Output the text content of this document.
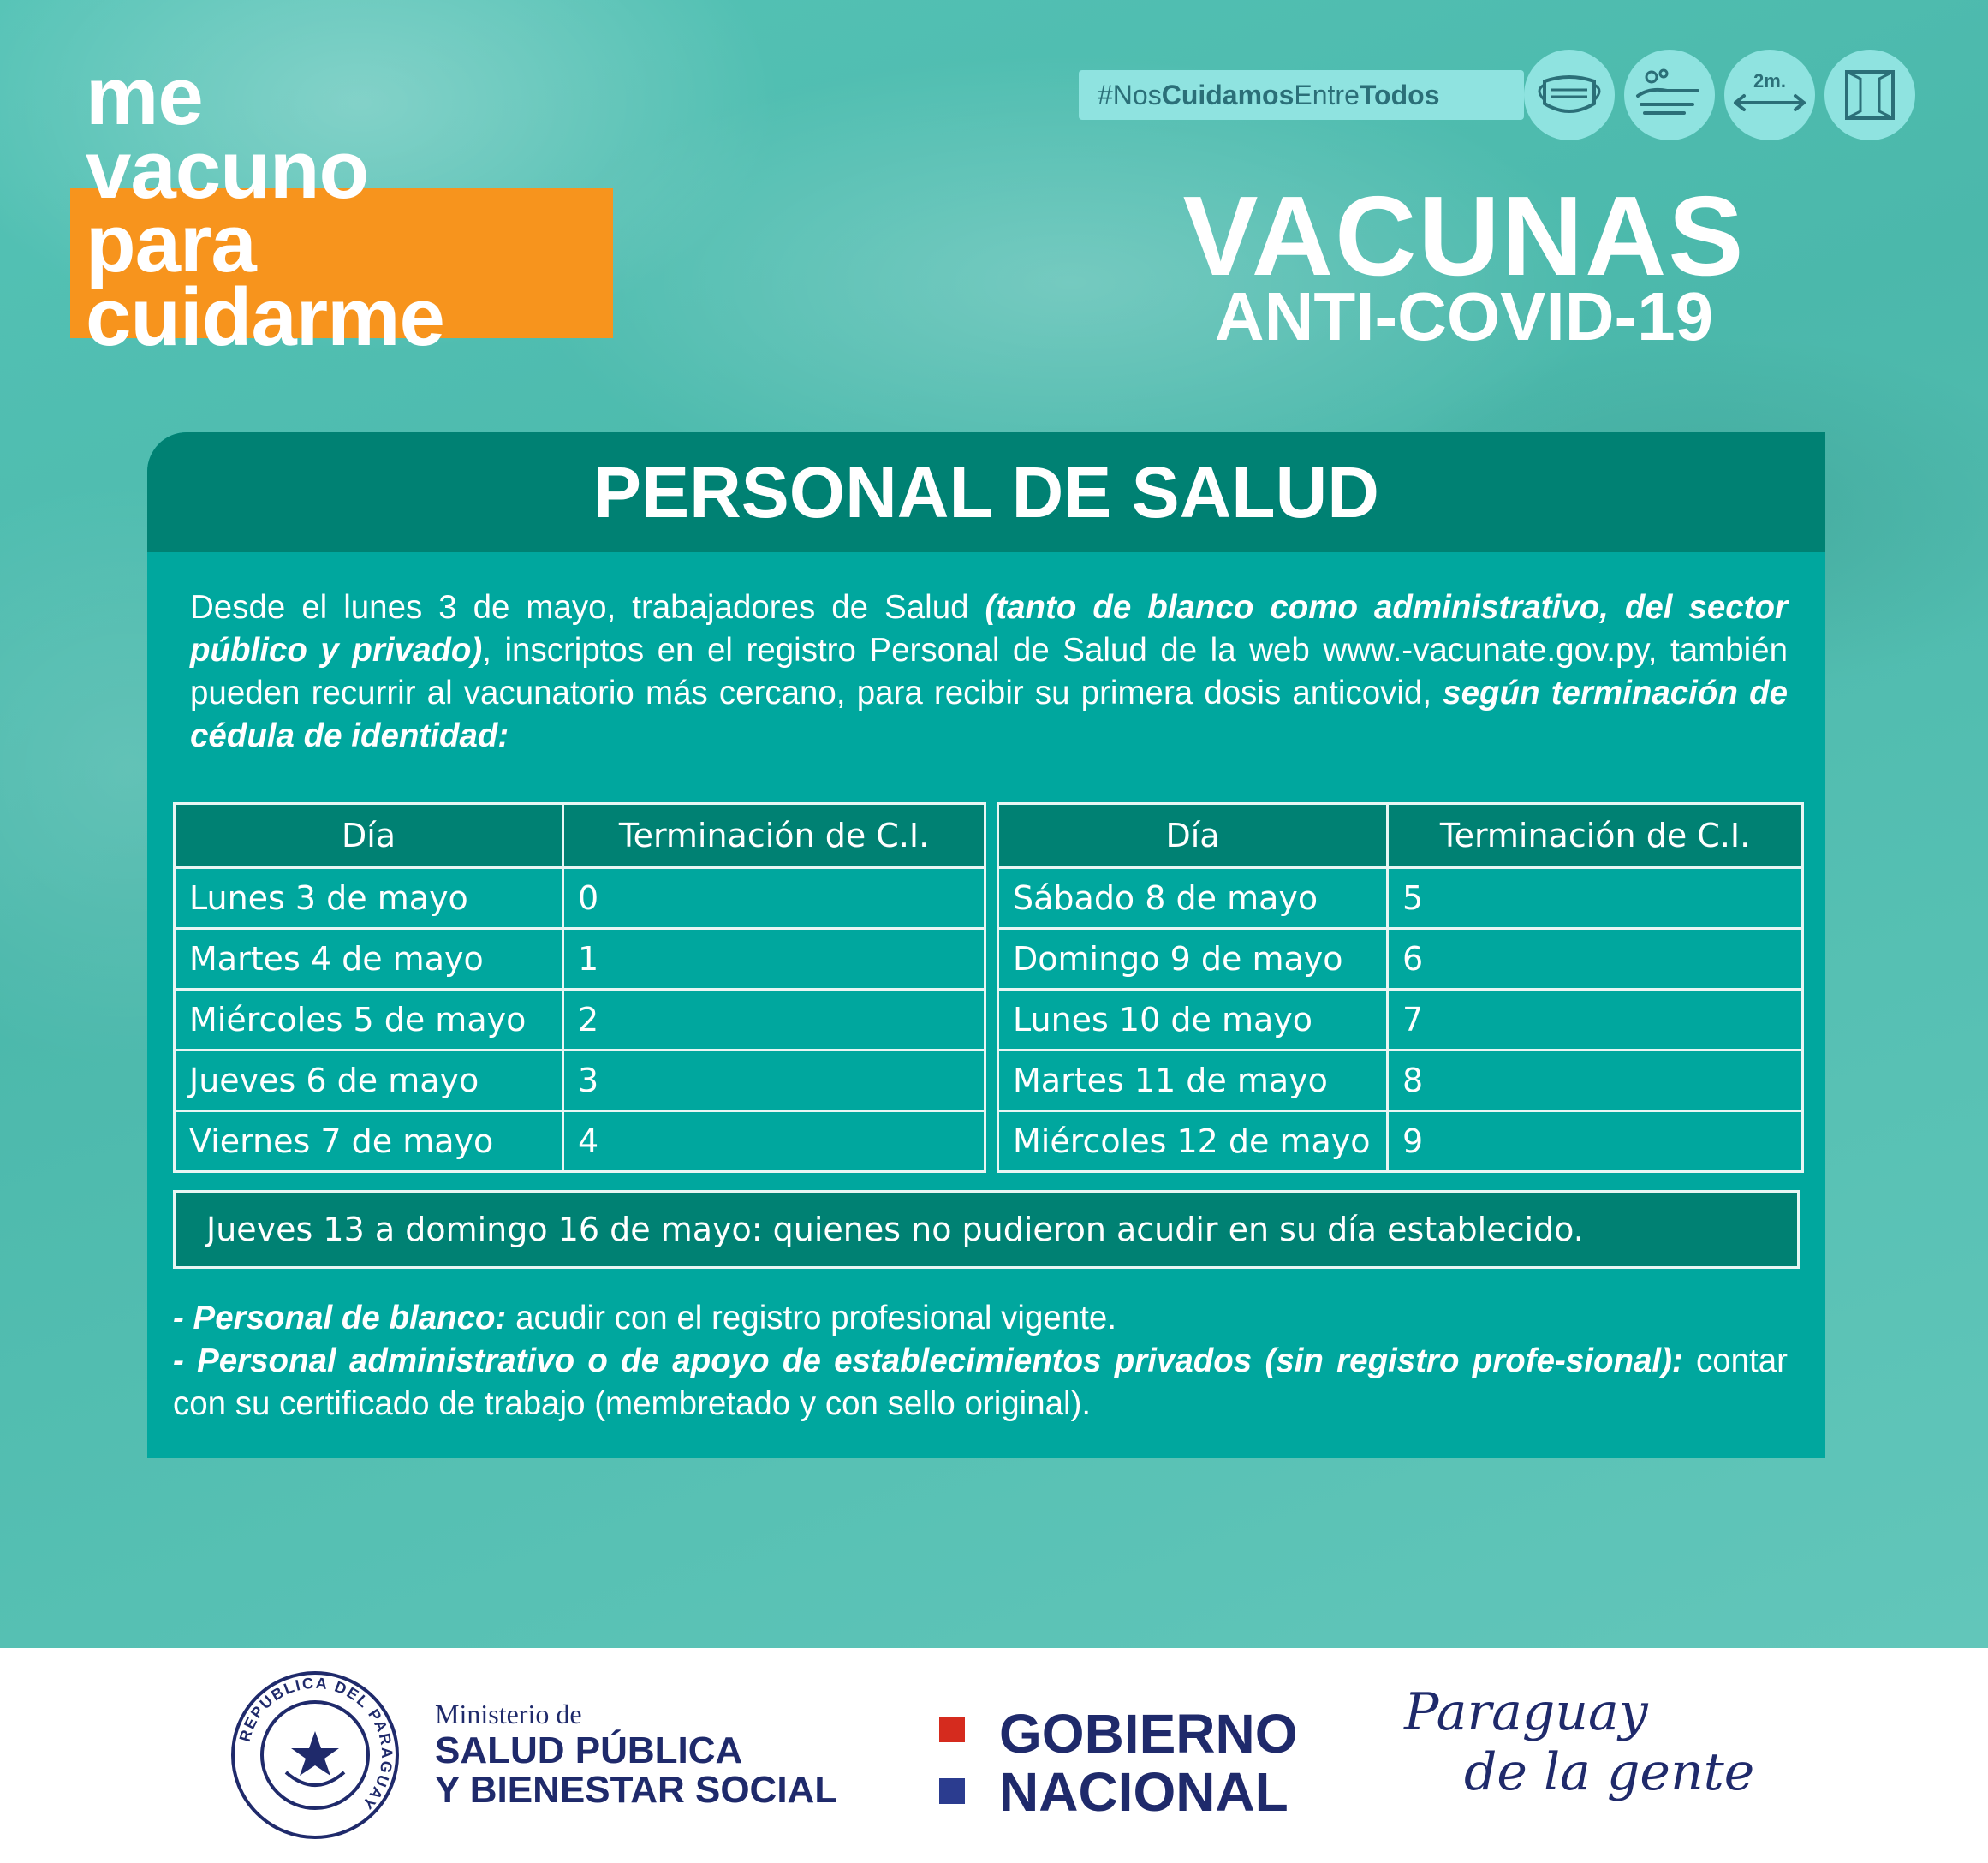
me
vacuno
para
cuidarme
#NosCuidamosEntreTodos	2m.
VACUNAS
ANTI-COVID-19
PERSONAL DE SALUD
Desde el lunes 3 de mayo, trabajadores de Salud (tanto de blanco como administrativo, del sector público y privado), inscriptos en el registro Personal de Salud de la web www.-vacunate.gov.py, también pueden recurrir al vacunatorio más cercano, para recibir su primera dosis anticovid, según terminación de cédula de identidad:
Día	Terminación de C.I.
Lunes 3 de mayo	0
Martes 4 de mayo	1
Miércoles 5 de mayo	2
Jueves 6 de mayo	3
Viernes 7 de mayo	4
Día	Terminación de C.I.
Sábado 8 de mayo	5
Domingo 9 de mayo	6
Lunes 10 de mayo	7
Martes 11 de mayo	8
Miércoles 12 de mayo	9
Jueves 13 a domingo 16 de mayo: quienes no pudieron acudir en su día establecido.
- Personal de blanco: acudir con el registro profesional vigente.
- Personal administrativo o de apoyo de establecimientos privados (sin registro profe-sional): contar con su certificado de trabajo (membretado y con sello original).
REPUBLICA DEL PARAGUAY
Ministerio de
SALUD PÚBLICA
Y BIENESTAR SOCIAL
GOBIERNO
NACIONAL
Paraguay
de la gente
